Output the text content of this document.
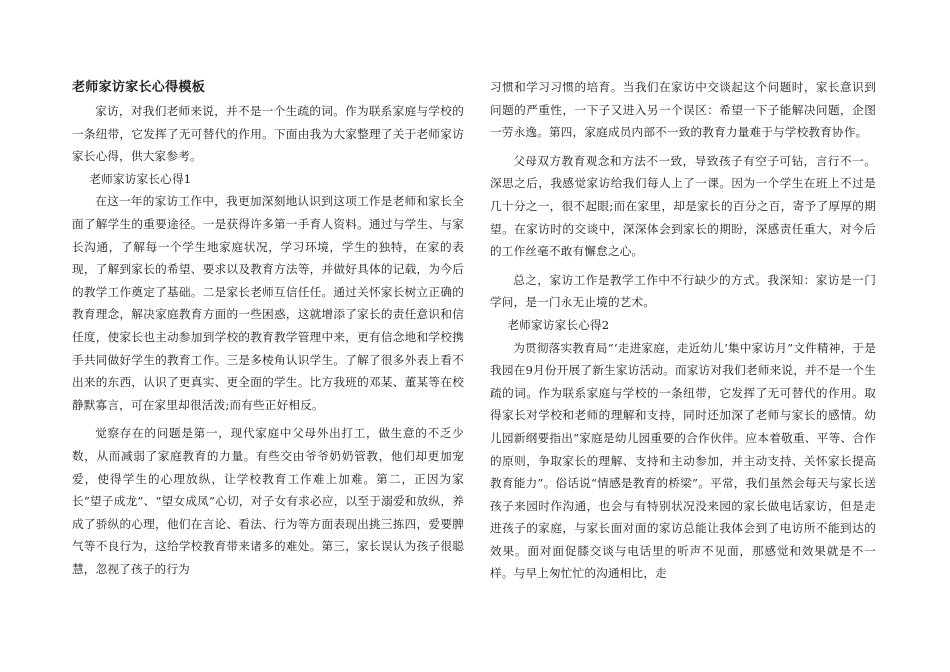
老师家访家长心得模板

家访，对我们老师来说，并不是一个生疏的词。作为联系家庭与学校的一条纽带，它发挥了无可替代的作用。下面由我为大家整理了关于老师家访家长心得，供大家参考。

老师家访家长心得1

在这一年的家访工作中，我更加深刻地认识到这项工作是老师和家长全面了解学生的重要途径。一是获得许多第一手育人资料。通过与学生、与家长沟通，了解每一个学生地家庭状况，学习环境，学生的独特，在家的表现，了解到家长的希望、要求以及教育方法等，并做好具体的记载，为今后的教学工作奠定了基础。二是家长老师互信任任。通过关怀家长树立正确的教育理念，解决家庭教育方面的一些困惑，这就增添了家长的责任意识和信任度，使家长也主动参加到学校的教育教学管理中来，更有信念地和学校携手共同做好学生的教育工作。三是多棱角认识学生。了解了很多外表上看不出来的东西，认识了更真实、更全面的学生。比方我班的邓某、董某等在校静默寡言，可在家里却很活泼;而有些正好相反。

觉察存在的问题是第一，现代家庭中父母外出打工，做生意的不乏少数，从而减弱了家庭教育的力量。有些交由爷爷奶奶管教，他们却更加宠爱，使得学生的心理放纵，让学校教育工作难上加难。第二，正因为家长“望子成龙”、“望女成凤”心切，对子女有求必应，以至于溺爱和放纵，养成了骄纵的心理，他们在言论、看法、行为等方面表现出挑三拣四，爱要脾气等不良行为，这给学校教育带来诸多的难处。第三，家长误认为孩子很聪慧，忽视了孩子的行为

习惯和学习习惯的培育。当我们在家访中交谈起这个问题时，家长意识到问题的严重性，一下子又进入另一个误区：希望一下子能解决问题，企图一劳永逸。第四，家庭成员内部不一致的教育力量难于与学校教育协作。

父母双方教育观念和方法不一致，导致孩子有空子可钻，言行不一。深思之后，我感觉家访给我们每人上了一课。因为一个学生在班上不过是几十分之一，很不起眼;而在家里，却是家长的百分之百，寄予了厚厚的期望。在家访时的交谈中，深深体会到家长的期盼，深感责任重大，对今后的工作丝毫不敢有懈怠之心。

总之，家访工作是教学工作中不行缺少的方式。我深知：家访是一门学问，是一门永无止境的艺术。

老师家访家长心得2

为贯彻落实教育局“‘走进家庭，走近幼儿’集中家访月”文件精神，于是我园在9月份开展了新生家访活动。而家访对我们老师来说，并不是一个生疏的词。作为联系家庭与学校的一条纽带，它发挥了无可替代的作用。取得家长对学校和老师的理解和支持，同时还加深了老师与家长的感情。幼儿园新纲要指出“家庭是幼儿园重要的合作伙伴。应本着敬重、平等、合作的原则，争取家长的理解、支持和主动参加，并主动支持、关怀家长提高教育能力”。俗话说“情感是教育的桥梁”。平常，我们虽然会每天与家长送孩子来园时作沟通，也会与有特别状况没来园的家长做电话家访，但是走进孩子的家庭，与家长面对面的家访总能让我体会到了电访所不能到达的效果。面对面促膝交谈与电话里的听声不见面，那感觉和效果就是不一样。与早上匆忙忙的沟通相比，走
